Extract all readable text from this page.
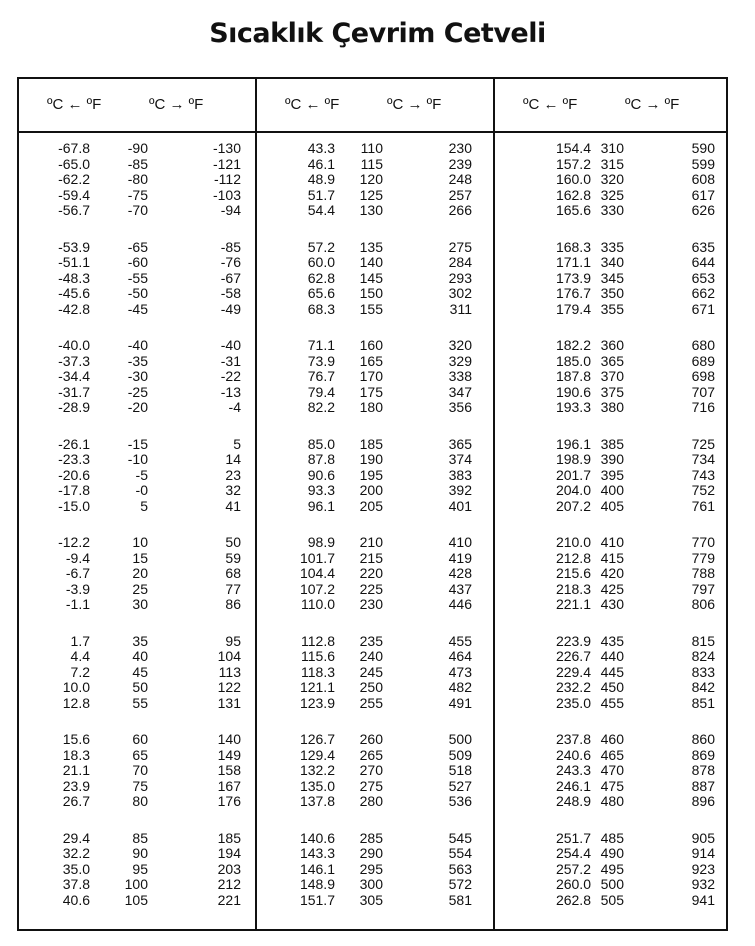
Sıcaklık Çevrim Cetveli
ºC ← ºF	ºC → ºF
-67.8	-90	-130
-65.0	-85	-121
-62.2	-80	-112
-59.4	-75	-103
-56.7	-70	-94
-53.9	-65	-85
-51.1	-60	-76
-48.3	-55	-67
-45.6	-50	-58
-42.8	-45	-49
-40.0	-40	-40
-37.3	-35	-31
-34.4	-30	-22
-31.7	-25	-13
-28.9	-20	-4
-26.1	-15	5
-23.3	-10	14
-20.6	-5	23
-17.8	-0	32
-15.0	5	41
-12.2	10	50
-9.4	15	59
-6.7	20	68
-3.9	25	77
-1.1	30	86
1.7	35	95
4.4	40	104
7.2	45	113
10.0	50	122
12.8	55	131
15.6	60	140
18.3	65	149
21.1	70	158
23.9	75	167
26.7	80	176
29.4	85	185
32.2	90	194
35.0	95	203
37.8 100	212
40.6 105	221
ºC ← ºF	ºC → ºF
43.3 110	230
46.1 115	239
48.9 120	248
51.7 125	257
54.4 130	266
57.2 135	275
60.0 140	284
62.8 145	293
65.6 150	302
68.3 155	311
71.1 160	320
73.9 165	329
76.7 170	338
79.4 175	347
82.2 180	356
85.0 185	365
87.8 190	374
90.6 195	383
93.3 200	392
96.1 205	401
98.9 210	410
101.7 215	419
104.4 220	428
107.2 225	437
110.0 230	446
112.8 235	455
115.6 240	464
118.3 245	473
121.1 250	482
123.9 255	491
126.7 260	500
129.4 265	509
132.2 270	518
135.0 275	527
137.8 280	536
140.6 285	545
143.3 290	554
146.1 295	563
148.9 300	572
151.7 305	581
ºC ← ºF	ºC → ºF
154.4 310	590
157.2 315	599
160.0 320	608
162.8 325	617
165.6 330	626
168.3 335	635
171.1 340	644
173.9 345	653
176.7 350	662
179.4 355	671
182.2 360	680
185.0 365	689
187.8 370	698
190.6 375	707
193.3 380	716
196.1 385	725
198.9 390	734
201.7 395	743
204.0 400	752
207.2 405	761
210.0 410	770
212.8 415	779
215.6 420	788
218.3 425	797
221.1 430	806
223.9 435	815
226.7 440	824
229.4 445	833
232.2 450	842
235.0 455	851
237.8 460	860
240.6 465	869
243.3 470	878
246.1 475	887
248.9 480	896
251.7 485	905
254.4 490	914
257.2 495	923
260.0 500	932
262.8 505	941
